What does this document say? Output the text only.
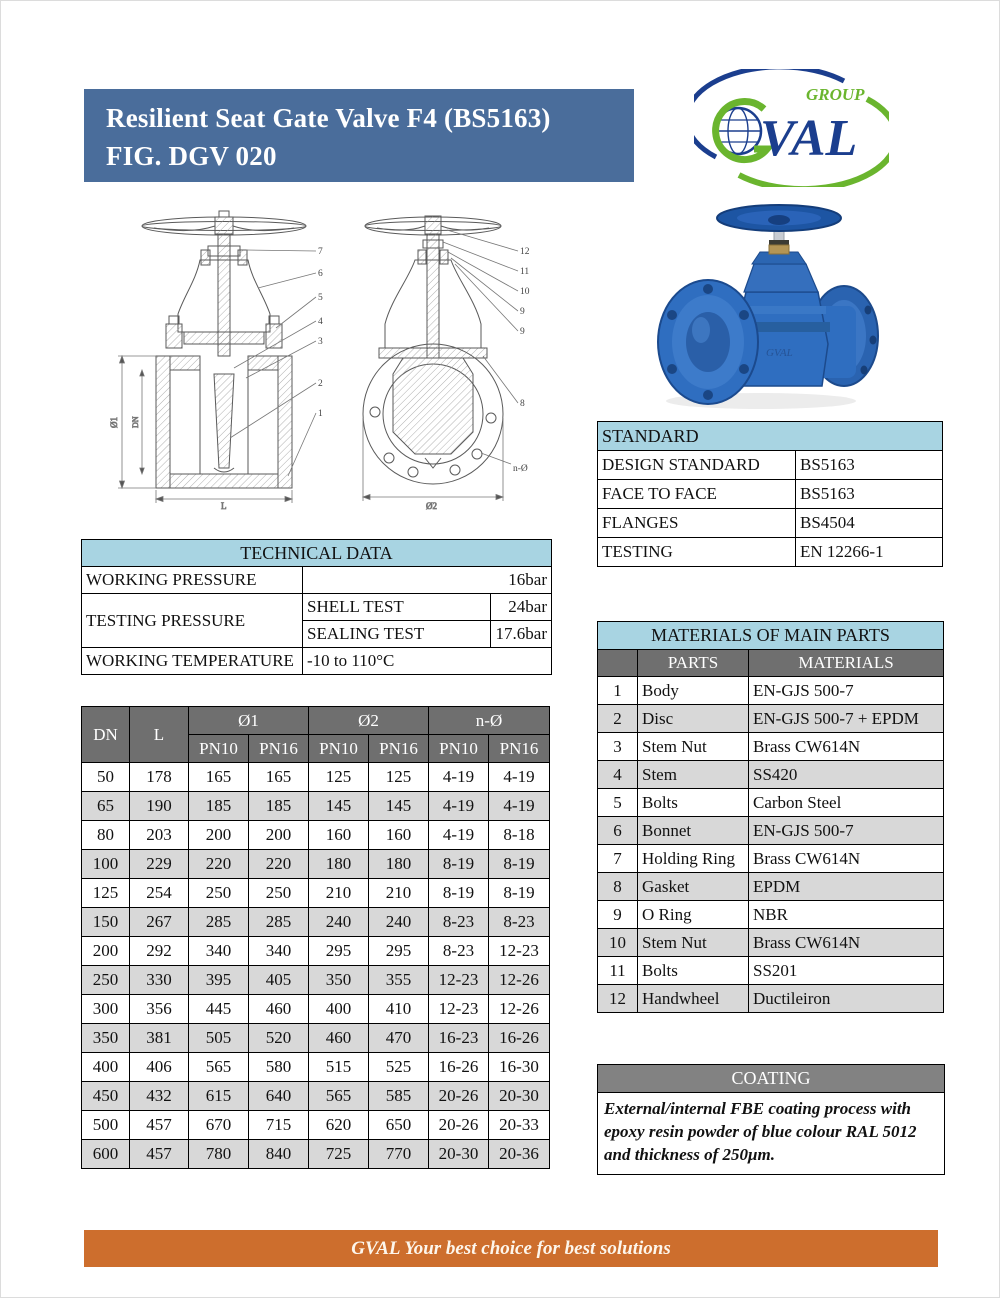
Resilient Seat Gate Valve F4 (BS5163)
FIG. DGV 020
GROUP
VAL
Ø1 DN
L
7
6
5
4
3
2
1
Ø2
12
11
10
9
9
8
n-Ø
GVAL
STANDARD	
DESIGN STANDARD	BS5163
FACE TO FACE	BS5163
FLANGES	BS4504
TESTING	EN 12266-1
TECHNICAL DATA		
WORKING PRESSURE	16bar	
TESTING PRESSURE	SHELL TEST	24bar
	SEALING TEST	17.6bar
WORKING TEMPERATURE	-10 to 110°C	
DN	L	Ø1		Ø2		n-Ø	
		PN10	PN16	PN10	PN16	PN10	PN16
50	178	165	165	125	125	4-19	4-19
65	190	185	185	145	145	4-19	4-19
80	203	200	200	160	160	4-19	8-18
100	229	220	220	180	180	8-19	8-19
125	254	250	250	210	210	8-19	8-19
150	267	285	285	240	240	8-23	8-23
200	292	340	340	295	295	8-23	12-23
250	330	395	405	350	355	12-23	12-26
300	356	445	460	400	410	12-23	12-26
350	381	505	520	460	470	16-23	16-26
400	406	565	580	515	525	16-26	16-30
450	432	615	640	565	585	20-26	20-30
500	457	670	715	620	650	20-26	20-33
600	457	780	840	725	770	20-30	20-36
MATERIALS OF MAIN PARTS		
	PARTS	MATERIALS
1	Body	EN-GJS 500-7
2	Disc	EN-GJS 500-7 + EPDM
3	Stem Nut	Brass CW614N
4	Stem	SS420
5	Bolts	Carbon Steel
6	Bonnet	EN-GJS 500-7
7	Holding Ring	Brass CW614N
8	Gasket	EPDM
9	O Ring	NBR
10	Stem Nut	Brass CW614N
11	Bolts	SS201
12	Handwheel	Ductileiron
COATING
External/internal FBE coating process with epoxy resin powder of blue colour RAL 5012 and thickness of 250μm.
GVAL Your best choice for best solutions
